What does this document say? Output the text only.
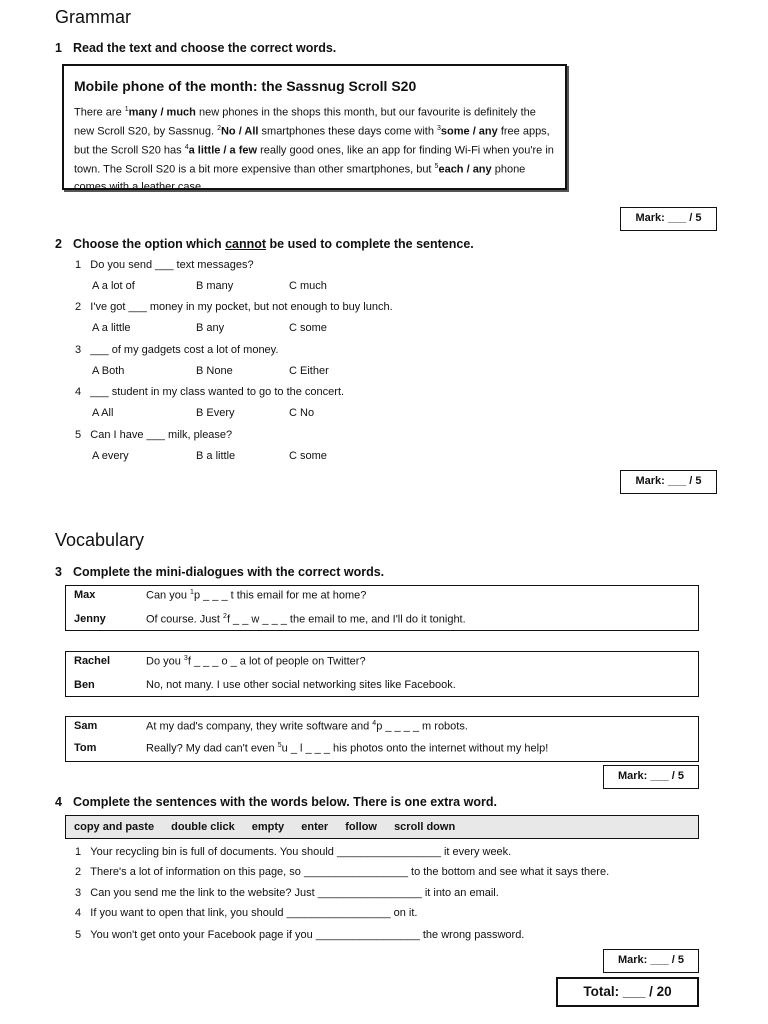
Grammar
1 Read the text and choose the correct words.
Mobile phone of the month: the Sassnug Scroll S20
There are $^1$many / much new phones in the shops this month, but our favourite is definitely the new Scroll S20, by Sassnug. $^2$No / All smartphones these days come with $^3$some / any free apps, but the Scroll S20 has $^4$a little / a few really good ones, like an app for finding Wi-Fi when you're in town. The Scroll S20 is a bit more expensive than other smartphones, but $^5$each / any phone comes with a leather case.
Mark: ___ / 5
2 Choose the option which cannot be used to complete the sentence.
1 Do you send ___ text messages?
A a lot of	B many	C much
2 I've got ___ money in my pocket, but not enough to buy lunch.
A a little	B any	C some
3 ___ of my gadgets cost a lot of money.
A Both	B None	C Either
4 ___ student in my class wanted to go to the concert.
A All	B Every	C No
5 Can I have ___ milk, please?
A every	B a little	C some
Mark: ___ / 5
Vocabulary
3 Complete the mini-dialogues with the correct words.
Max	Can you $^1$p _ _ _ t this email for me at home?
Jenny	Of course. Just $^2$f _ _ w _ _ _ the email to me, and I'll do it tonight.
Rachel	Do you $^3$f _ _ _ o _ a lot of people on Twitter?
Ben	No, not many. I use other social networking sites like Facebook.
Sam	At my dad's company, they write software and $^4$p _ _ _ _ m robots.
Tom	Really? My dad can't even $^5$u _ l _ _ _ his photos onto the internet without my help!
Mark: ___ / 5
4 Complete the sentences with the words below. There is one extra word.
copy and paste double click empty enter follow scroll down
1 Your recycling bin is full of documents. You should _________________ it every week.
2 There's a lot of information on this page, so _________________ to the bottom and see what it says there.
3 Can you send me the link to the website? Just _________________ it into an email.
4 If you want to open that link, you should _________________ on it.
5 You won't get onto your Facebook page if you _________________ the wrong password.
Mark: ___ / 5
Total: ___ / 20
